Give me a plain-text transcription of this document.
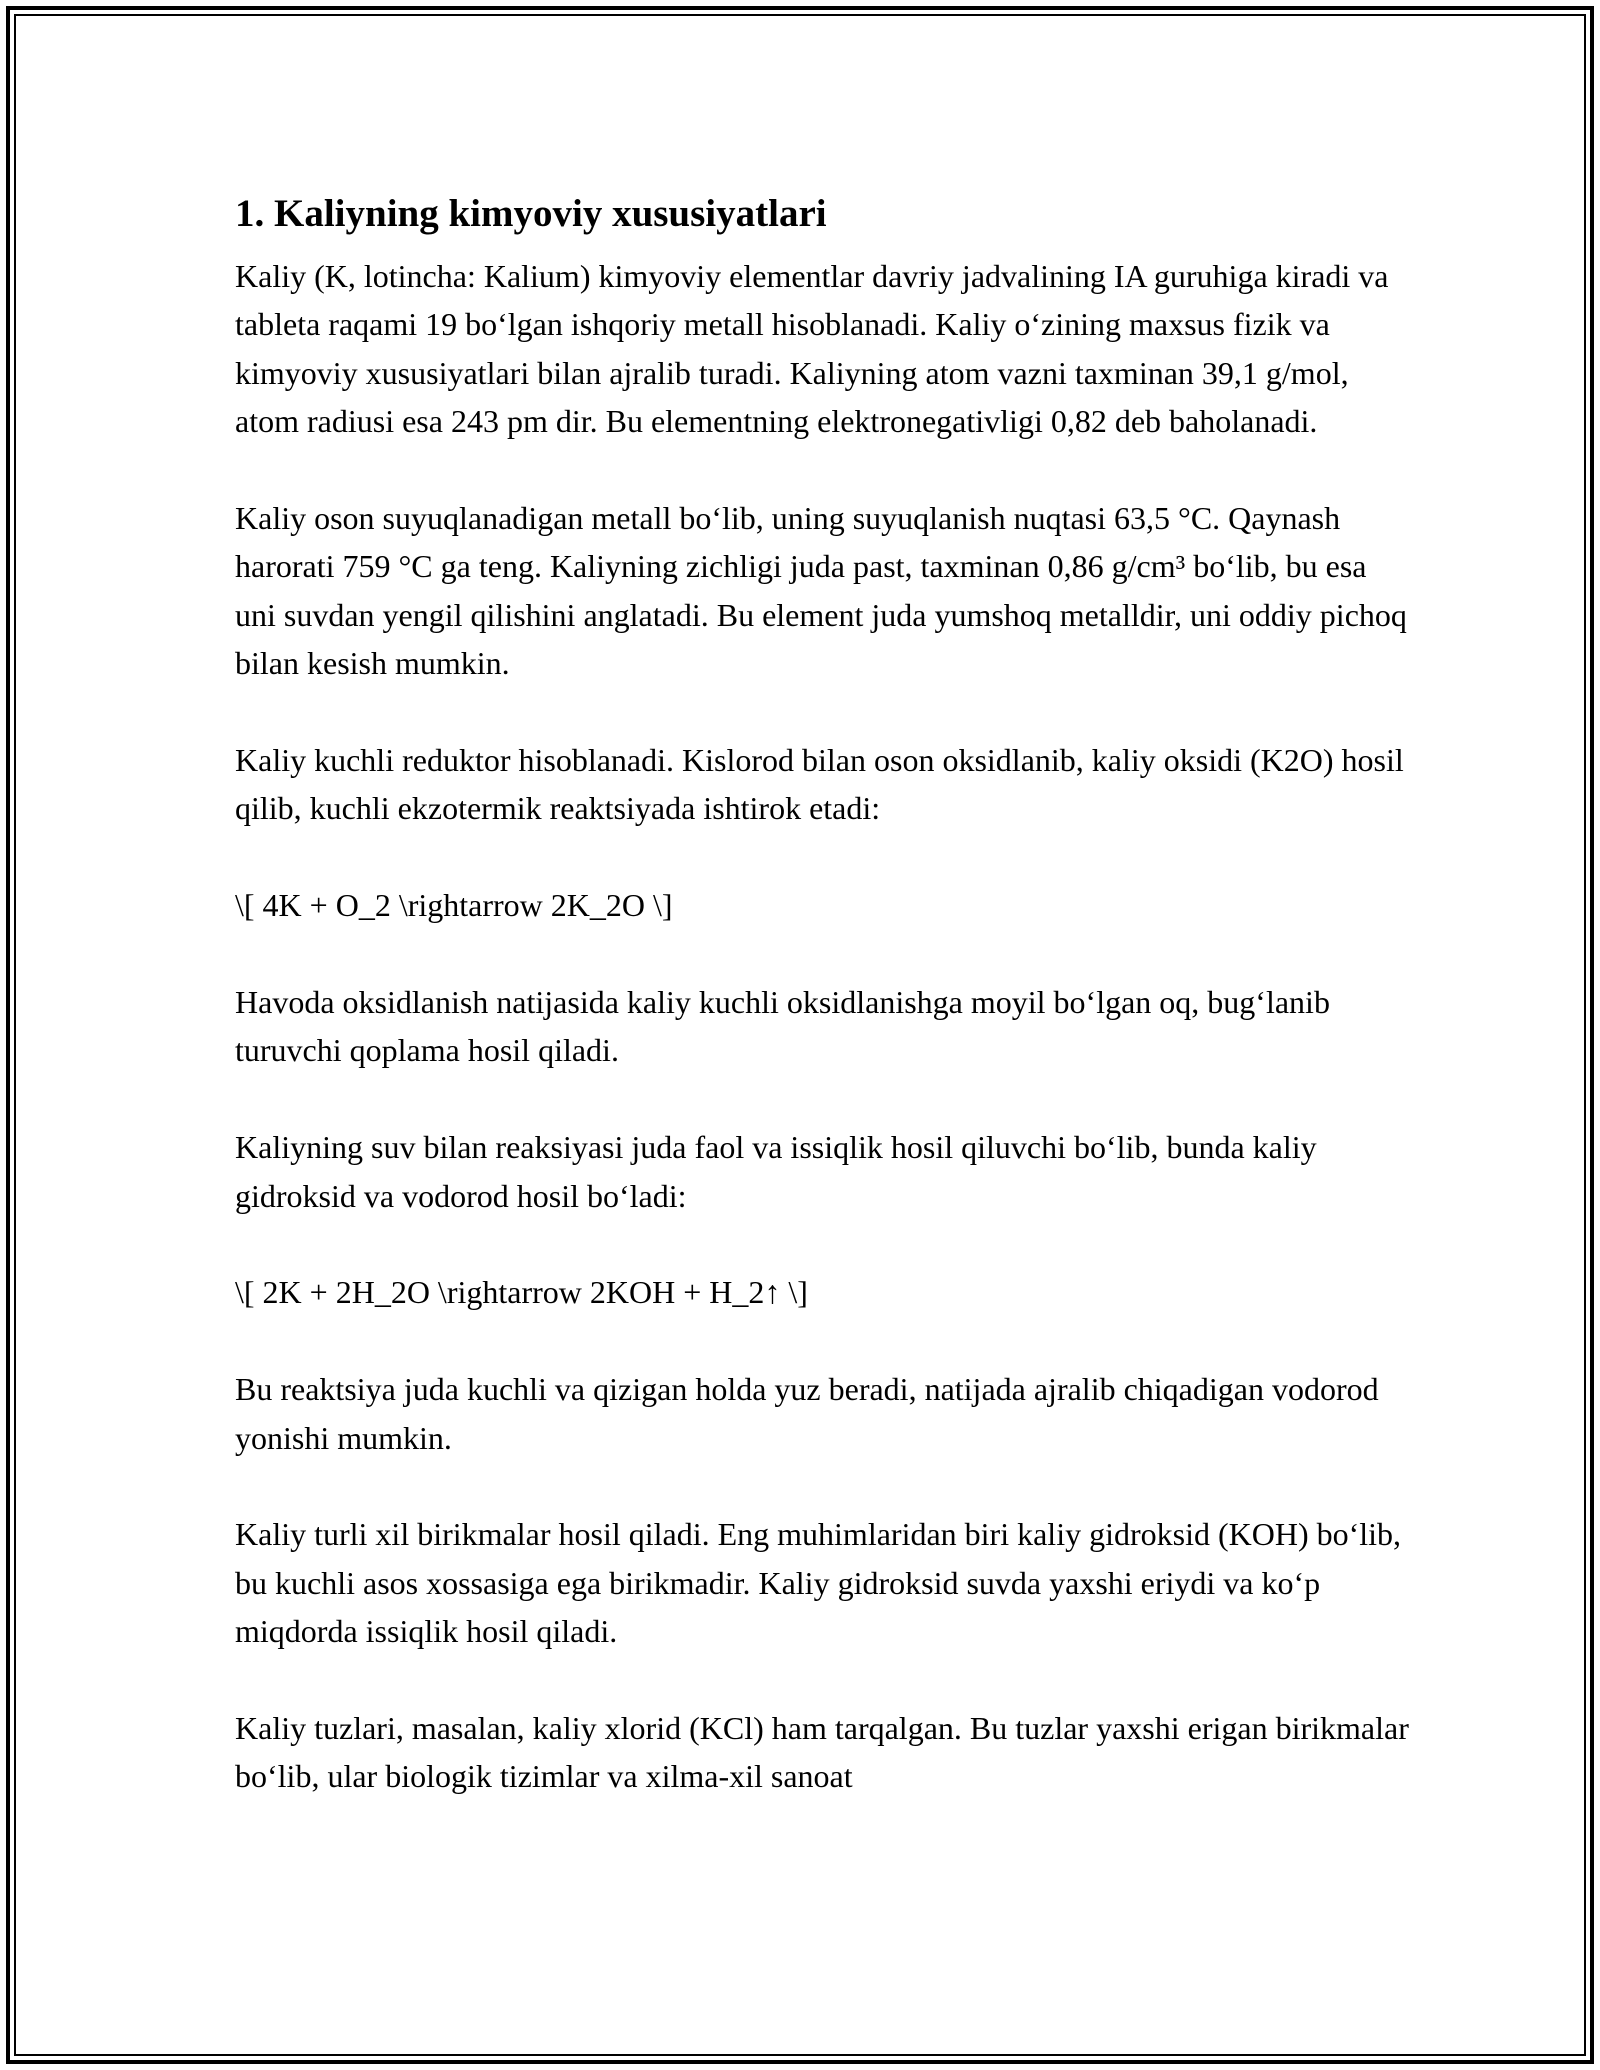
1. Kaliyning kimyoviy xususiyatlari

Kaliy (K, lotincha: Kalium) kimyoviy elementlar davriy jadvalining IA guruhiga kiradi va tableta raqami 19 bo‘lgan ishqoriy metall hisoblanadi. Kaliy o‘zining maxsus fizik va kimyoviy xususiyatlari bilan ajralib turadi. Kaliyning atom vazni taxminan 39,1 g/mol, atom radiusi esa 243 pm dir. Bu elementning elektronegativligi 0,82 deb baholanadi.

Kaliy oson suyuqlanadigan metall bo‘lib, uning suyuqlanish nuqtasi 63,5 °C. Qaynash harorati 759 °C ga teng. Kaliyning zichligi juda past, taxminan 0,86 g/cm³ bo‘lib, bu esa uni suvdan yengil qilishini anglatadi. Bu element juda yumshoq metalldir, uni oddiy pichoq bilan kesish mumkin.

Kaliy kuchli reduktor hisoblanadi. Kislorod bilan oson oksidlanib, kaliy oksidi (K2O) hosil qilib, kuchli ekzotermik reaktsiyada ishtirok etadi:

\[ 4K + O_2 \rightarrow 2K_2O \]

Havoda oksidlanish natijasida kaliy kuchli oksidlanishga moyil bo‘lgan oq, bug‘lanib turuvchi qoplama hosil qiladi.

Kaliyning suv bilan reaksiyasi juda faol va issiqlik hosil qiluvchi bo‘lib, bunda kaliy gidroksid va vodorod hosil bo‘ladi:

\[ 2K + 2H_2O \rightarrow 2KOH + H_2↑ \]

Bu reaktsiya juda kuchli va qizigan holda yuz beradi, natijada ajralib chiqadigan vodorod yonishi mumkin.

Kaliy turli xil birikmalar hosil qiladi. Eng muhimlaridan biri kaliy gidroksid (KOH) bo‘lib, bu kuchli asos xossasiga ega birikmadir. Kaliy gidroksid suvda yaxshi eriydi va ko‘p miqdorda issiqlik hosil qiladi.

Kaliy tuzlari, masalan, kaliy xlorid (KCl) ham tarqalgan. Bu tuzlar yaxshi erigan birikmalar bo‘lib, ular biologik tizimlar va xilma-xil sanoat
